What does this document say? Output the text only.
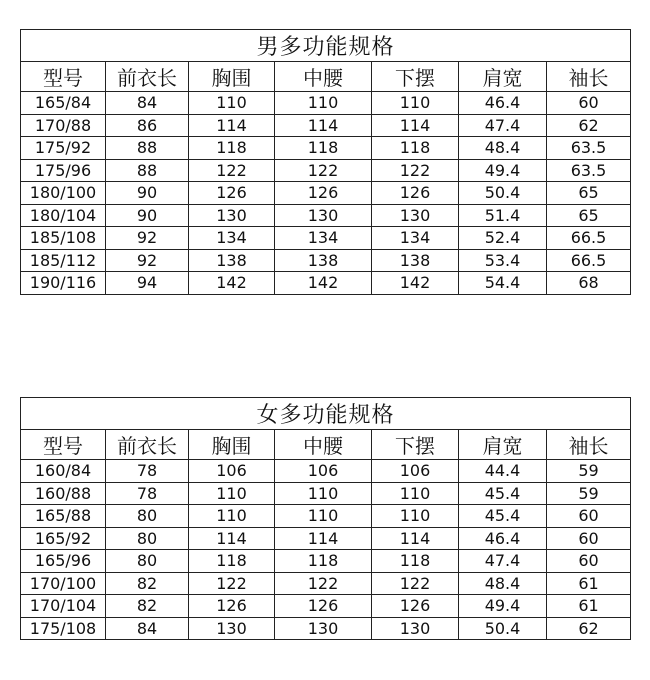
男多功能规格						
型号	前衣长	胸围	中腰	下摆	肩宽	袖长
165/84	84	110	110	110	46.4	60
170/88	86	114	114	114	47.4	62
175/92	88	118	118	118	48.4	63.5
175/96	88	122	122	122	49.4	63.5
180/100	90	126	126	126	50.4	65
180/104	90	130	130	130	51.4	65
185/108	92	134	134	134	52.4	66.5
185/112	92	138	138	138	53.4	66.5
190/116	94	142	142	142	54.4	68
女多功能规格						
型号	前衣长	胸围	中腰	下摆	肩宽	袖长
160/84	78	106	106	106	44.4	59
160/88	78	110	110	110	45.4	59
165/88	80	110	110	110	45.4	60
165/92	80	114	114	114	46.4	60
165/96	80	118	118	118	47.4	60
170/100	82	122	122	122	48.4	61
170/104	82	126	126	126	49.4	61
175/108	84	130	130	130	50.4	62
